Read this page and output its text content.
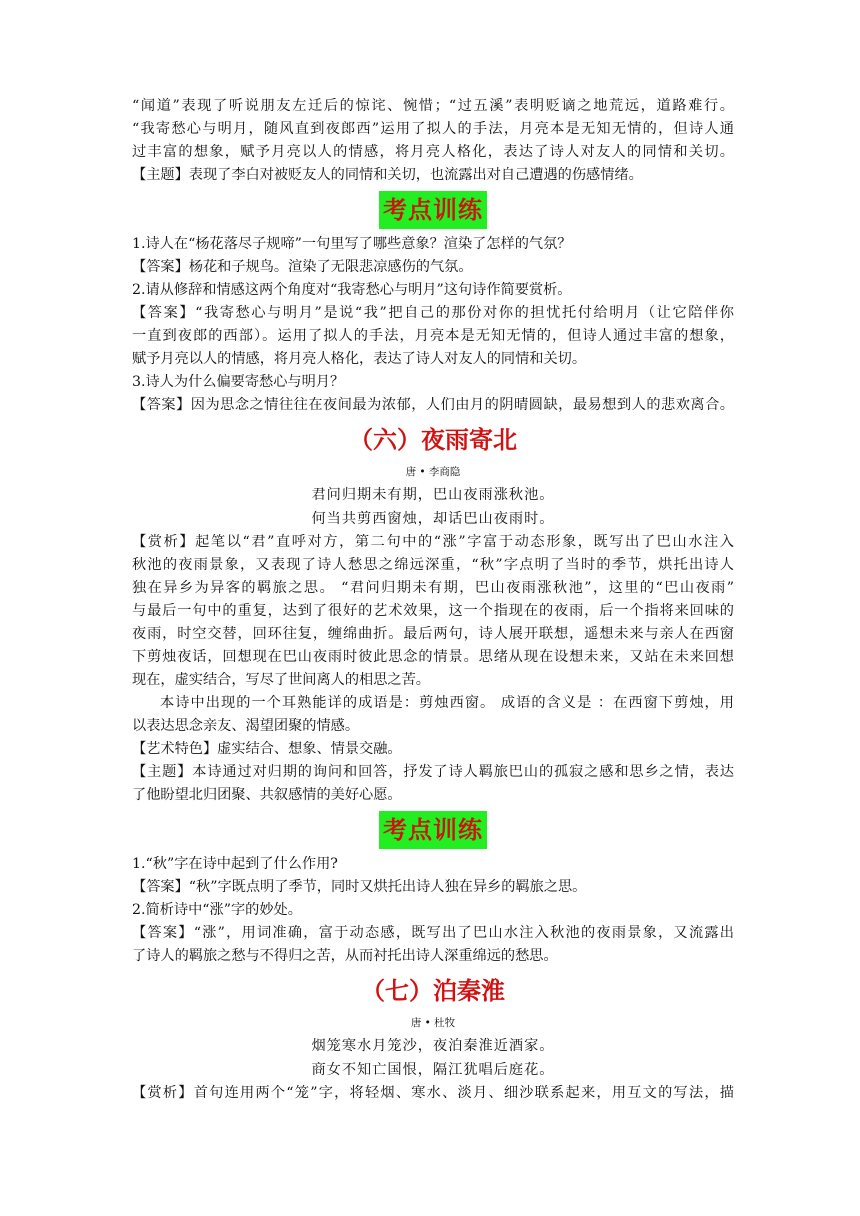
“闻道”表现了听说朋友左迁后的惊诧、惋惜；“过五溪”表明贬谪之地荒远，道路难行。
“我寄愁心与明月，随风直到夜郎西”运用了拟人的手法，月亮本是无知无情的，但诗人通
过丰富的想象，赋予月亮以人的情感，将月亮人格化，表达了诗人对友人的同情和关切。
【主题】表现了李白对被贬友人的同情和关切，也流露出对自己遭遇的伤感情绪。
考点训练
1.诗人在“杨花落尽子规啼”一句里写了哪些意象？渲染了怎样的气氛？
【答案】杨花和子规鸟。渲染了无限悲凉感伤的气氛。
2.请从修辞和情感这两个角度对“我寄愁心与明月”这句诗作简要赏析。
【答案】“我寄愁心与明月”是说“我”把自己的那份对你的担忧托付给明月（让它陪伴你
一直到夜郎的西部）。运用了拟人的手法，月亮本是无知无情的，但诗人通过丰富的想象，
赋予月亮以人的情感，将月亮人格化，表达了诗人对友人的同情和关切。
3.诗人为什么偏要寄愁心与明月？
【答案】因为思念之情往往在夜间最为浓郁，人们由月的阴晴圆缺，最易想到人的悲欢离合。
（六）夜雨寄北
唐 • 李商隐
君问归期未有期，巴山夜雨涨秋池。
何当共剪西窗烛，却话巴山夜雨时。
【赏析】起笔以“君”直呼对方，第二句中的“涨”字富于动态形象，既写出了巴山水注入
秋池的夜雨景象，又表现了诗人愁思之绵远深重，“秋”字点明了当时的季节，烘托出诗人
独在异乡为异客的羁旅之思。 “君问归期未有期，巴山夜雨涨秋池”，这里的“巴山夜雨”
与最后一句中的重复，达到了很好的艺术效果，这一个指现在的夜雨，后一个指将来回味的
夜雨，时空交替，回环往复，缠绵曲折。最后两句，诗人展开联想，遥想未来与亲人在西窗
下剪烛夜话，回想现在巴山夜雨时彼此思念的情景。思绪从现在设想未来，又站在未来回想
现在，虚实结合，写尽了世间离人的相思之苦。
本诗中出现的一个耳熟能详的成语是：剪烛西窗。 成语的含义是 ：在西窗下剪烛，用
以表达思念亲友、渴望团聚的情感。
【艺术特色】虚实结合、想象、情景交融。
【主题】本诗通过对归期的询问和回答，抒发了诗人羁旅巴山的孤寂之感和思乡之情，表达
了他盼望北归团聚、共叙感情的美好心愿。
考点训练
1.“秋”字在诗中起到了什么作用?
【答案】“秋”字既点明了季节，同时又烘托出诗人独在异乡的羁旅之思。
2.简析诗中“涨”字的妙处。
【答案】“涨”，用词准确，富于动态感，既写出了巴山水注入秋池的夜雨景象，又流露出
了诗人的羁旅之愁与不得归之苦，从而衬托出诗人深重绵远的愁思。
（七）泊秦淮
唐 • 杜牧
烟笼寒水月笼沙，夜泊秦淮近酒家。
商女不知亡国恨，隔江犹唱后庭花。
【赏析】首句连用两个“笼”字，将轻烟、寒水、淡月、细沙联系起来，用互文的写法，描
